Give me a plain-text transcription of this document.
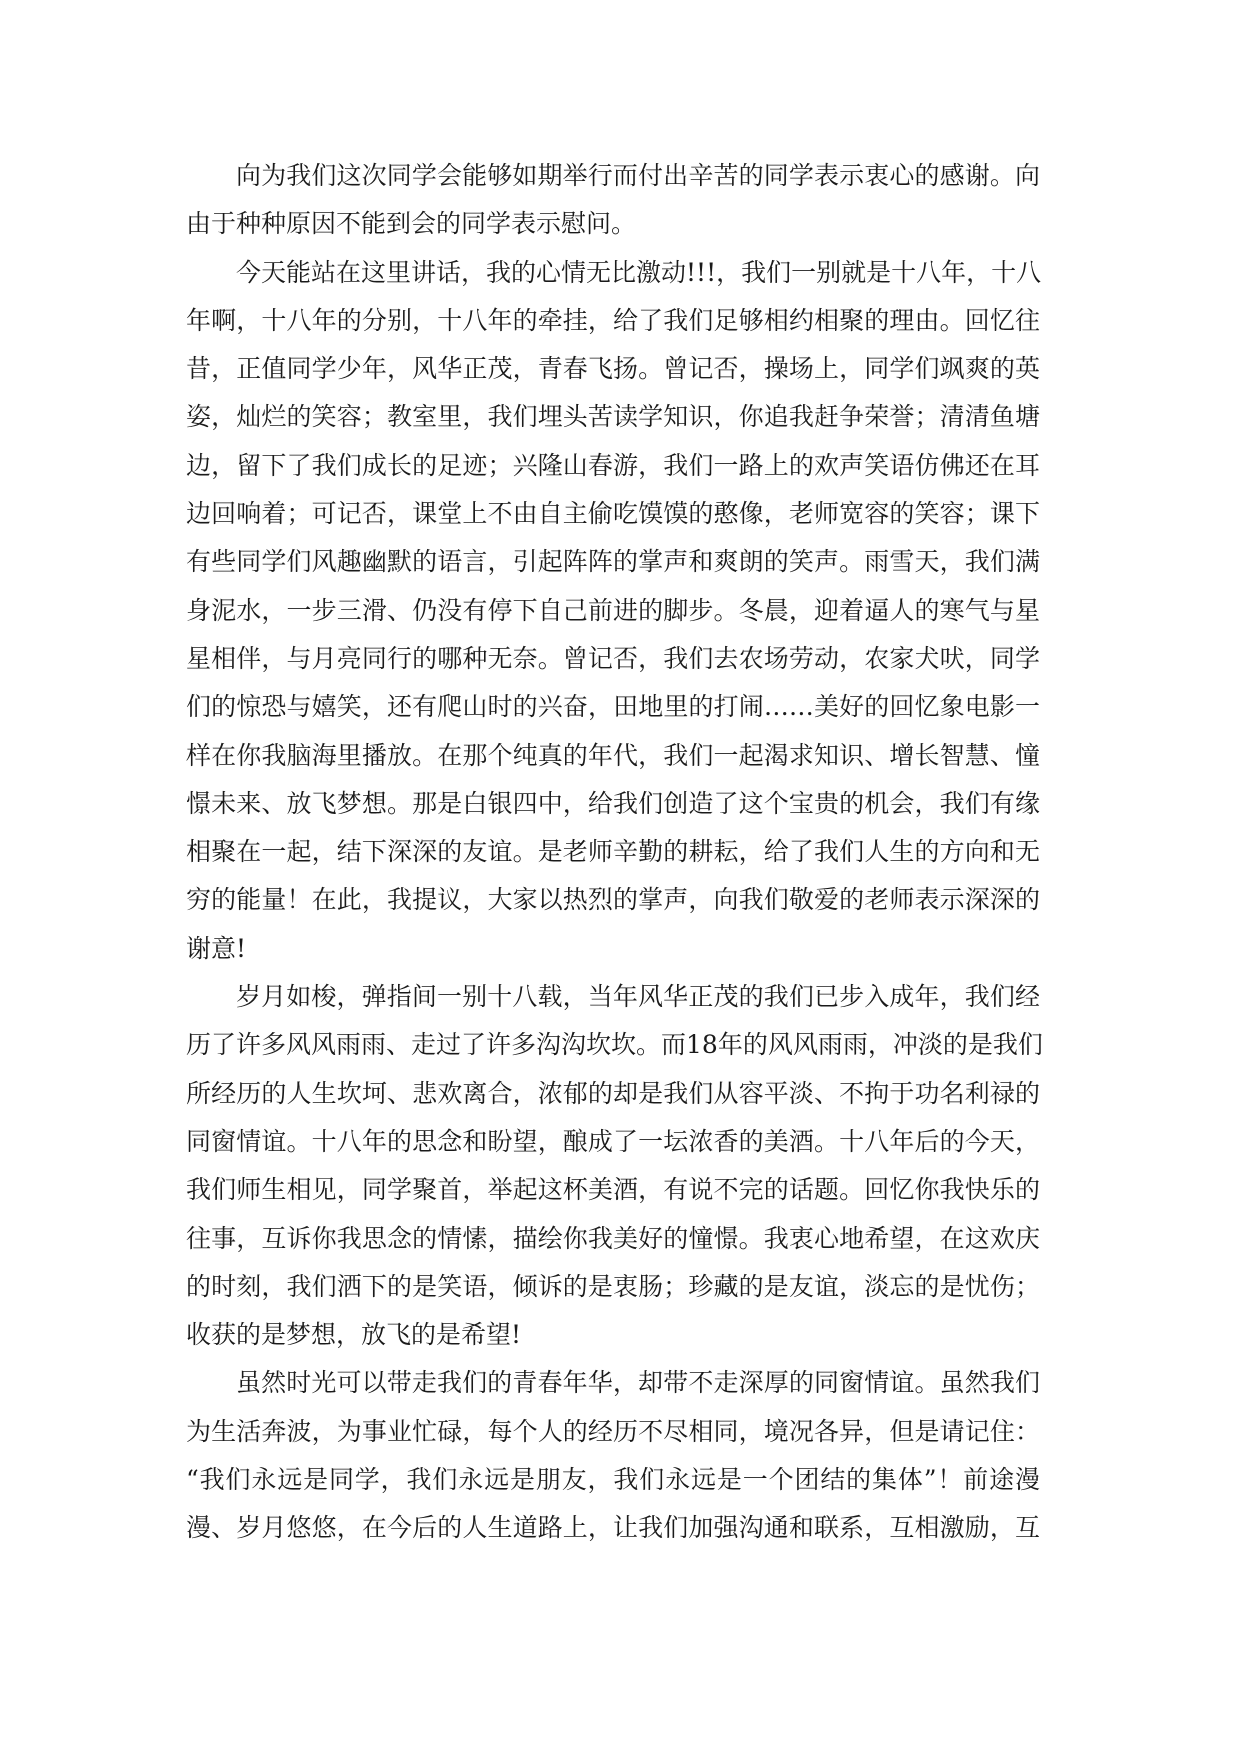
向为我们这次同学会能够如期举行而付出辛苦的同学表示衷心的感谢。向
由于种种原因不能到会的同学表示慰问。
今天能站在这里讲话，我的心情无比激动!!!，我们一别就是十八年，十八
年啊，十八年的分别，十八年的牵挂，给了我们足够相约相聚的理由。回忆往
昔，正值同学少年，风华正茂，青春飞扬。曾记否，操场上，同学们飒爽的英
姿，灿烂的笑容；教室里，我们埋头苦读学知识，你追我赶争荣誉；清清鱼塘
边，留下了我们成长的足迹；兴隆山春游，我们一路上的欢声笑语仿佛还在耳
边回响着；可记否，课堂上不由自主偷吃馍馍的憨像，老师宽容的笑容；课下
有些同学们风趣幽默的语言，引起阵阵的掌声和爽朗的笑声。雨雪天，我们满
身泥水，一步三滑、仍没有停下自己前进的脚步。冬晨，迎着逼人的寒气与星
星相伴，与月亮同行的哪种无奈。曾记否，我们去农场劳动，农家犬吠，同学
们的惊恐与嬉笑，还有爬山时的兴奋，田地里的打闹……美好的回忆象电影一
样在你我脑海里播放。在那个纯真的年代，我们一起渴求知识、增长智慧、憧
憬未来、放飞梦想。那是白银四中，给我们创造了这个宝贵的机会，我们有缘
相聚在一起，结下深深的友谊。是老师辛勤的耕耘，给了我们人生的方向和无
穷的能量！在此，我提议，大家以热烈的掌声，向我们敬爱的老师表示深深的
谢意!
岁月如梭，弹指间一别十八载，当年风华正茂的我们已步入成年，我们经
历了许多风风雨雨、走过了许多沟沟坎坎。而18年的风风雨雨，冲淡的是我们
所经历的人生坎坷、悲欢离合，浓郁的却是我们从容平淡、不拘于功名利禄的
同窗情谊。十八年的思念和盼望，酿成了一坛浓香的美酒。十八年后的今天，
我们师生相见，同学聚首，举起这杯美酒，有说不完的话题。回忆你我快乐的
往事，互诉你我思念的情愫，描绘你我美好的憧憬。我衷心地希望，在这欢庆
的时刻，我们洒下的是笑语，倾诉的是衷肠；珍藏的是友谊，淡忘的是忧伤；
收获的是梦想，放飞的是希望!
虽然时光可以带走我们的青春年华，却带不走深厚的同窗情谊。虽然我们
为生活奔波，为事业忙碌，每个人的经历不尽相同，境况各异，但是请记住：
“我们永远是同学，我们永远是朋友，我们永远是一个团结的集体”！前途漫
漫、岁月悠悠，在今后的人生道路上，让我们加强沟通和联系，互相激励，互
